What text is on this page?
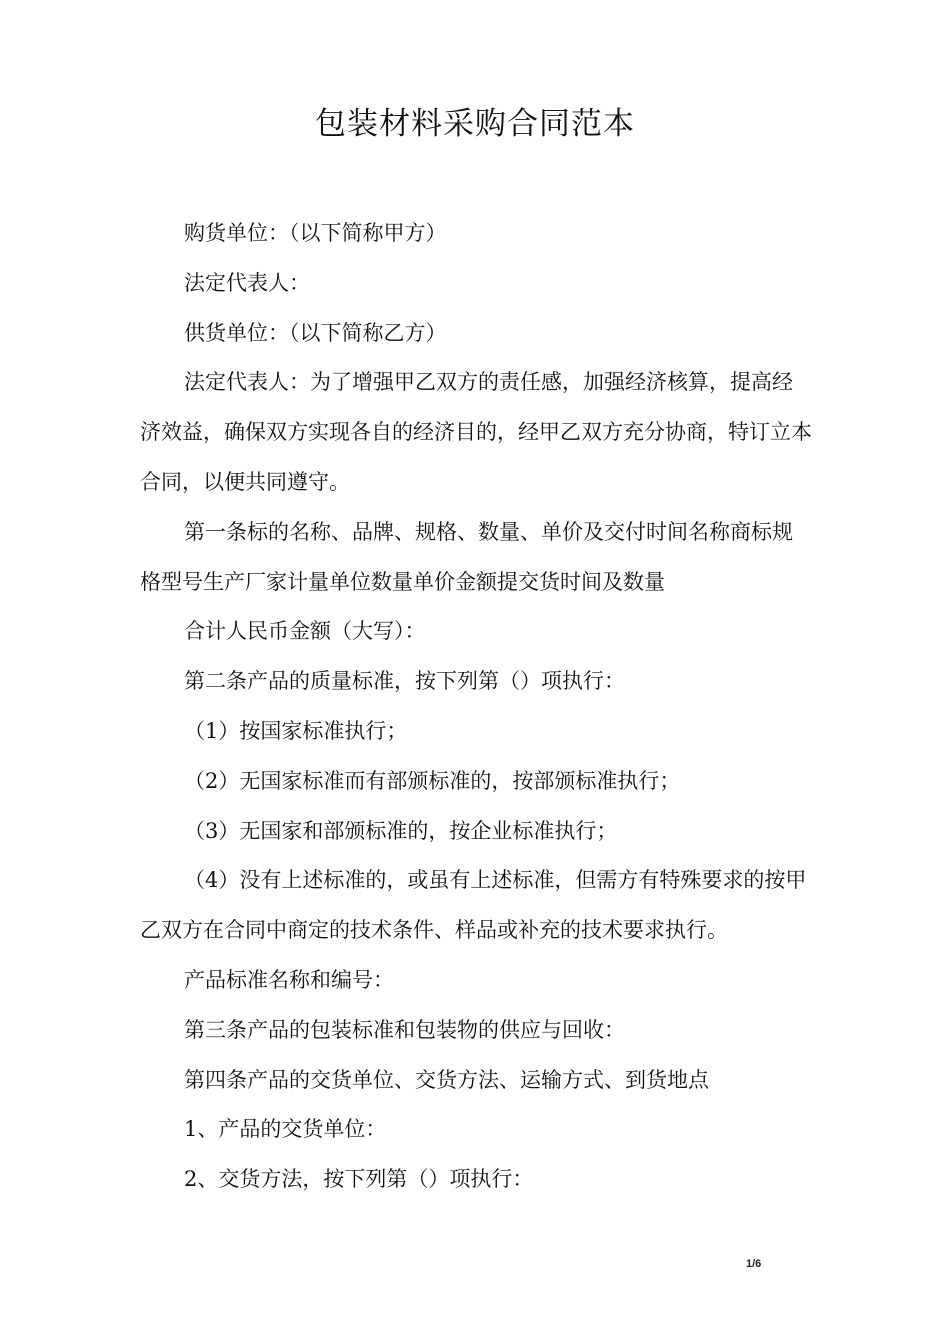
包装材料采购合同范本

购货单位：（以下简称甲方）

法定代表人：

供货单位：（以下简称乙方）

法定代表人：为了增强甲乙双方的责任感，加强经济核算，提高经济效益，确保双方实现各自的经济目的，经甲乙双方充分协商，特订立本合同，以便共同遵守。

第一条标的名称、品牌、规格、数量、单价及交付时间名称商标规格型号生产厂家计量单位数量单价金额提交货时间及数量

合计人民币金额（大写）：

第二条产品的质量标准，按下列第（）项执行：

（1）按国家标准执行；

（2）无国家标准而有部颁标准的，按部颁标准执行；

（3）无国家和部颁标准的，按企业标准执行；

（4）没有上述标准的，或虽有上述标准，但需方有特殊要求的按甲乙双方在合同中商定的技术条件、样品或补充的技术要求执行。

产品标准名称和编号：

第三条产品的包装标准和包装物的供应与回收：

第四条产品的交货单位、交货方法、运输方式、到货地点

1、产品的交货单位：

2、交货方法，按下列第（）项执行：

1/6
